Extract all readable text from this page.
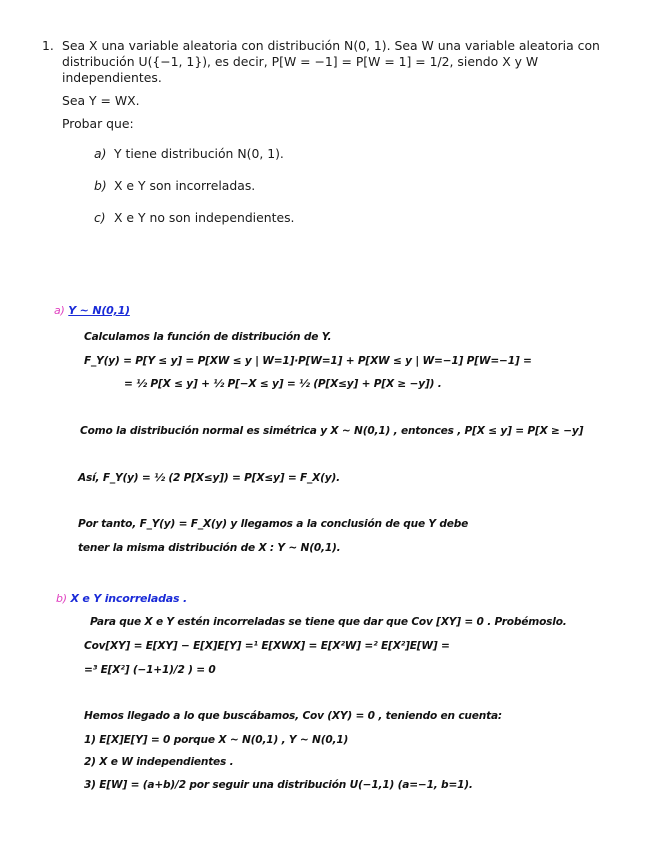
1. Sea X una variable aleatoria con distribución N(0, 1). Sea W una variable aleatoria con
distribución U({−1, 1}), es decir, P[W = −1] = P[W = 1] = 1/2, siendo X y W
independientes.
Sea Y = WX.
Probar que:
a) Y tiene distribución N(0, 1).
b) X e Y son incorreladas.
c) X e Y no son independientes.
a) Y ~ N(0,1)
Calculamos la función de distribución de Y.
F_Y(y) = P[Y ≤ y] = P[XW ≤ y | W=1]·P[W=1] + P[XW ≤ y | W=−1] P[W=−1] =
= ½ P[X ≤ y] + ½ P[−X ≤ y] = ½ (P[X≤y] + P[X ≥ −y]) .
Como la distribución normal es simétrica y X ~ N(0,1) , entonces , P[X ≤ y] = P[X ≥ −y]
Así, F_Y(y) = ½ (2 P[X≤y]) = P[X≤y] = F_X(y).
Por tanto, F_Y(y) = F_X(y) y llegamos a la conclusión de que Y debe
tener la misma distribución de X : Y ~ N(0,1).
b) X e Y incorreladas .
Para que X e Y estén incorreladas se tiene que dar que Cov [XY] = 0 . Probémoslo.
Cov[XY] = E[XY] − E[X]E[Y] =¹ E[XWX] = E[X²W] =² E[X²]E[W] =
=³ E[X²] (−1+1)/2 ) = 0
Hemos llegado a lo que buscábamos, Cov (XY) = 0 , teniendo en cuenta:
1) E[X]E[Y] = 0 porque X ~ N(0,1) , Y ~ N(0,1)
2) X e W independientes .
3) E[W] = (a+b)/2 por seguir una distribución U(−1,1) (a=−1, b=1).
